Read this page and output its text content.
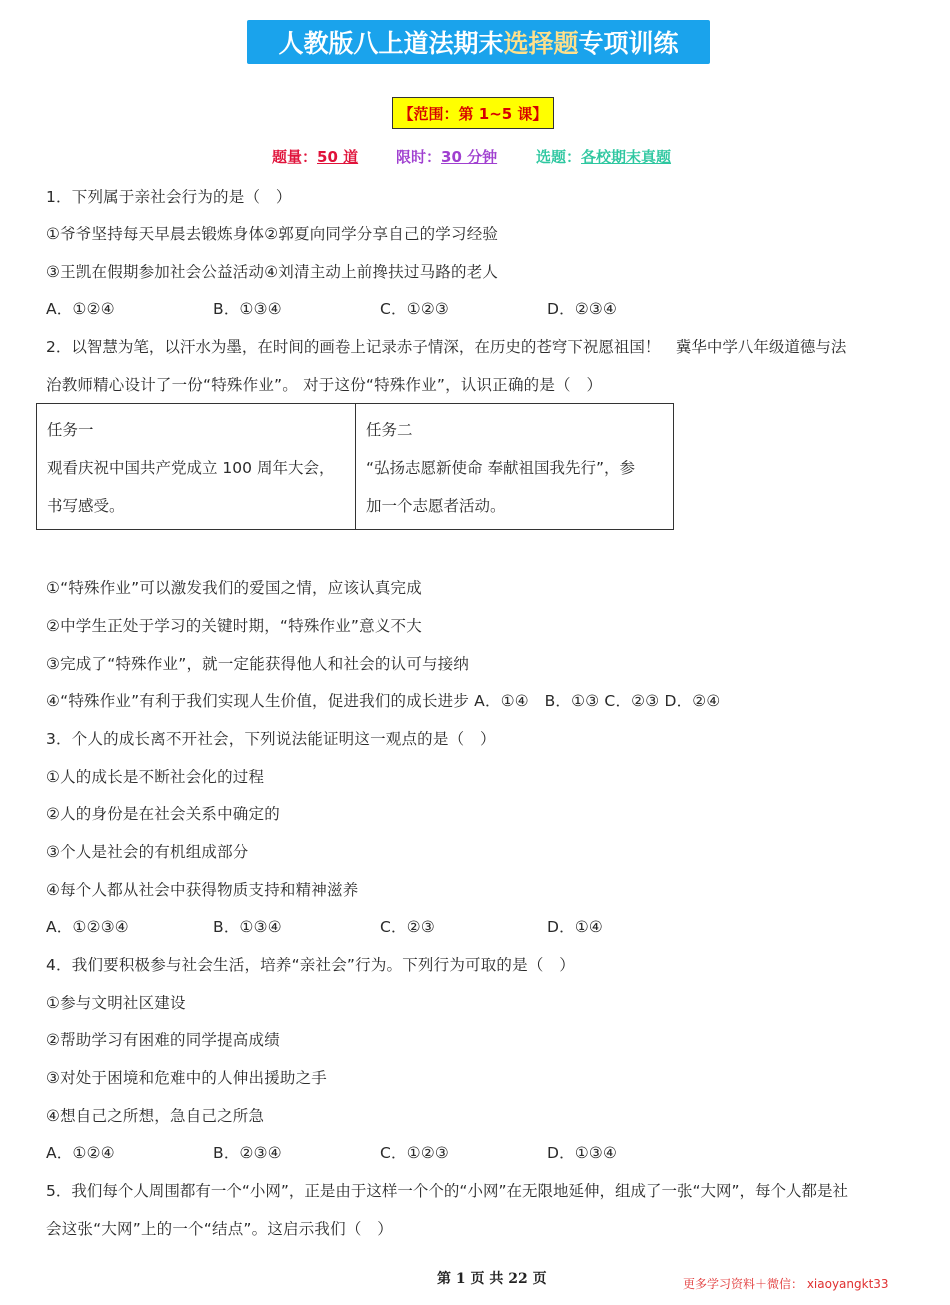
人教版八上道法期末 选择题 专项训练
【范围：第 1~5 课】
题量：50 道	限时：30 分钟	选题：各校期末真题
1．下列属于亲社会行为的是（　）
①爷爷坚持每天早晨去锻炼身体②郭夏向同学分享自己的学习经验
③王凯在假期参加社会公益活动④刘清主动上前搀扶过马路的老人
A．①②④	B．①③④	C．①②③	D．②③④
2．以智慧为笔，以汗水为墨，在时间的画卷上记录赤子情深，在历史的苍穹下祝愿祖国！　冀华中学八年级道德与法
治教师精心设计了一份“特殊作业”。 对于这份“特殊作业”，认识正确的是（　）
任务一
观看庆祝中国共产党成立 100 周年大会，
书写感受。
任务二
“弘扬志愿新使命 奉献祖国我先行”，参
加一个志愿者活动。
①“特殊作业”可以激发我们的爱国之情，应该认真完成
②中学生正处于学习的关键时期，“特殊作业”意义不大
③完成了“特殊作业”，就一定能获得他人和社会的认可与接纳
④“特殊作业”有利于我们实现人生价值，促进我们的成长进步 A．①④　B．①③ C．②③ D．②④
3．个人的成长离不开社会，下列说法能证明这一观点的是（　）
①人的成长是不断社会化的过程
②人的身份是在社会关系中确定的
③个人是社会的有机组成部分
④每个人都从社会中获得物质支持和精神滋养
A．①②③④	B．①③④	C．②③	D．①④
4．我们要积极参与社会生活，培养“亲社会”行为。下列行为可取的是（　）
①参与文明社区建设
②帮助学习有困难的同学提高成绩
③对处于困境和危难中的人伸出援助之手
④想自己之所想，急自己之所急
A．①②④	B．②③④	C．①②③	D．①③④
5．我们每个人周围都有一个“小网”，正是由于这样一个个的“小网”在无限地延伸，组成了一张“大网”，每个人都是社
会这张“大网”上的一个“结点”。这启示我们（　）
第 1 页 共 22 页	更多学习资料＋微信： xiaoyangkt33
